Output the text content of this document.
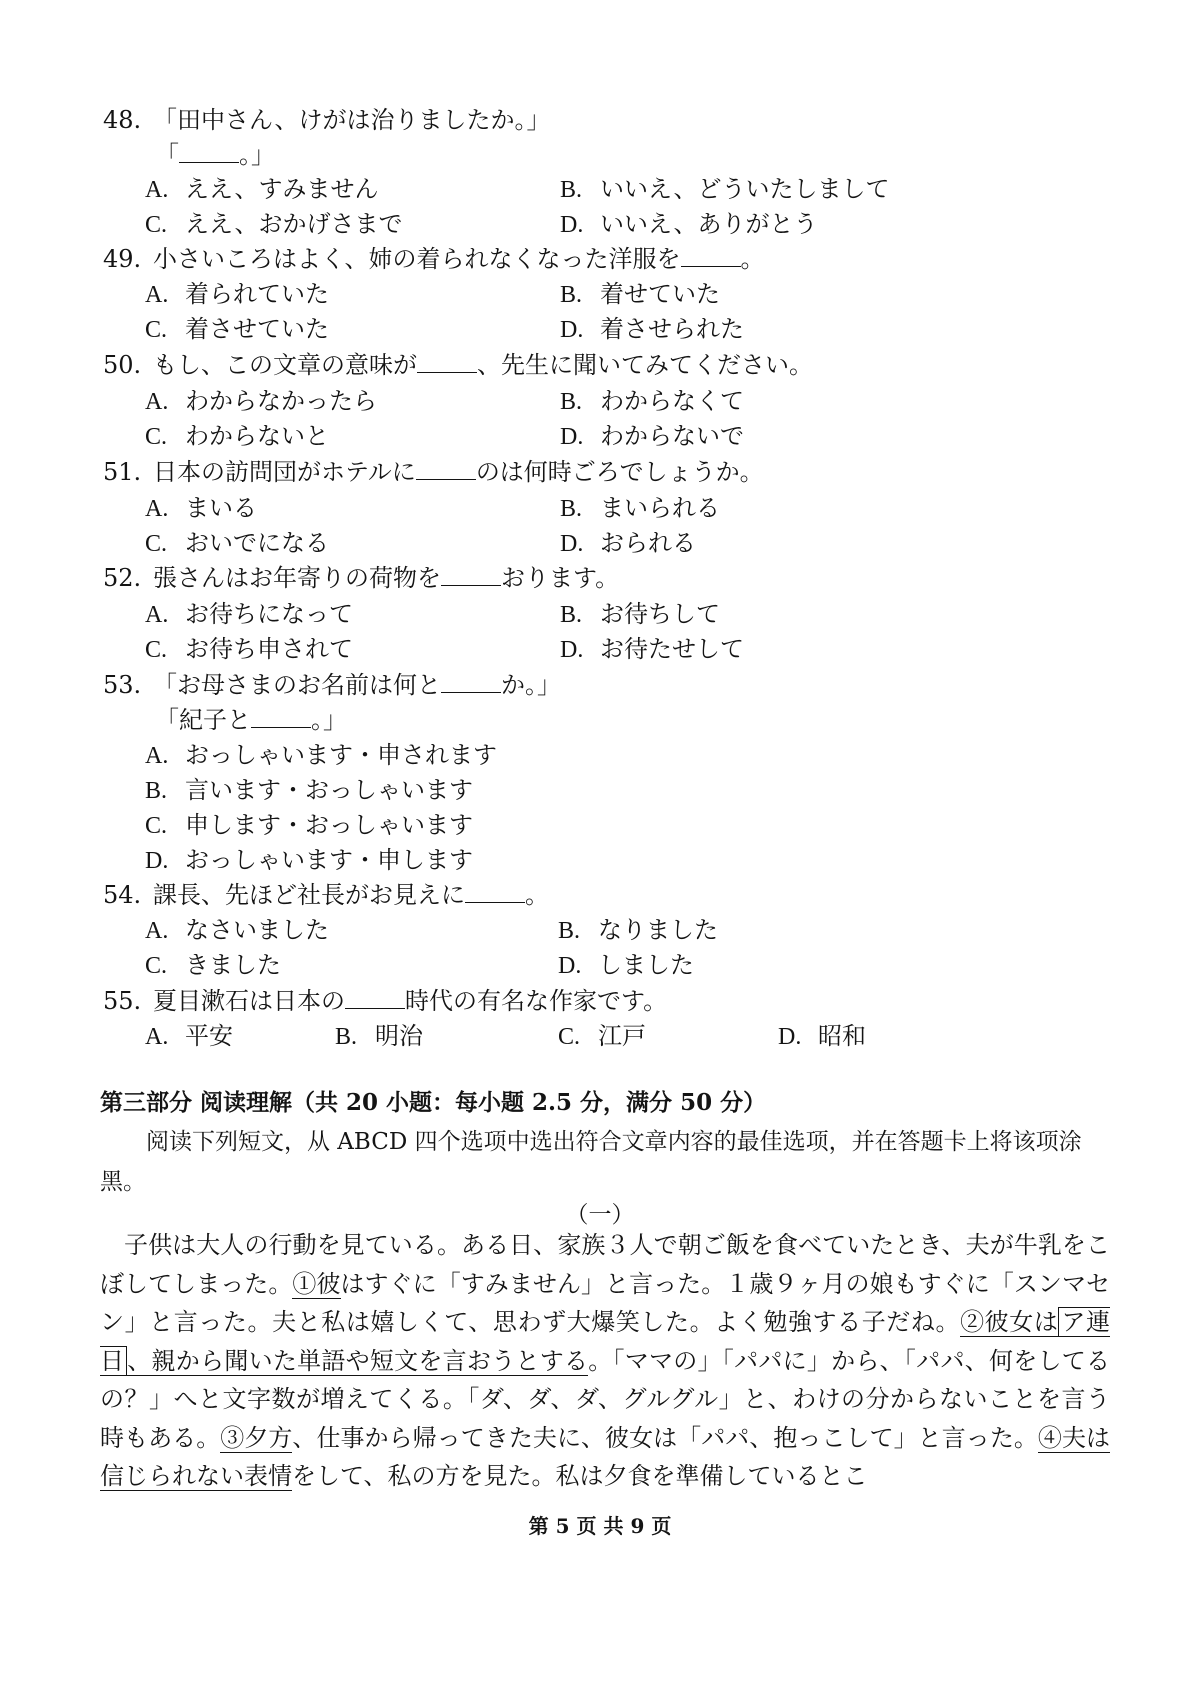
48. 「田中さん、けがは治りましたか。」
「	。」
A. ええ、すみません	B. いいえ、どういたしまして
C. ええ、おかげさまで	D. いいえ、ありがとう
49. 小さいころはよく、姉の着られなくなった洋服を	。
A. 着られていた	B. 着せていた
C. 着させていた	D. 着させられた
50. もし、この文章の意味が	、先生に聞いてみてください。
A. わからなかったら	B. わからなくて
C. わからないと	D. わからないで
51. 日本の訪問団がホテルに	のは何時ごろでしょうか。
A. まいる	B. まいられる
C. おいでになる	D. おられる
52. 張さんはお年寄りの荷物を	おります。
A. お待ちになって	B. お待ちして
C. お待ち申されて	D. お待たせして
53. 「お母さまのお名前は何と	か。」
「紀子と	。」
A. おっしゃいます・申されます
B. 言います・おっしゃいます
C. 申します・おっしゃいます
D. おっしゃいます・申します
54. 課長、先ほど社長がお見えに	。
A. なさいました	B. なりました
C. きました	D. しました
55. 夏目漱石は日本の	時代の有名な作家です。
A. 平安	B. 明治	C. 江戸	D. 昭和
第三部分 阅读理解（共 20 小题：每小题 2.5 分，满分 50 分）
阅读下列短文，从 ABCD 四个选项中选出符合文章内容的最佳选项，并在答题卡上将该项涂黑。
（一）
子供は大人の行動を見ている。ある日、家族３人で朝ご飯を食べていたとき、夫が牛乳をこぼしてしまった。①彼はすぐに「すみません」と言った。１歳９ヶ月の娘もすぐに「スンマセン」と言った。夫と私は嬉しくて、思わず大爆笑した。よく勉強する子だね。②彼女は ア連日 、親から聞いた単語や短文を言おうとする。「ママの」「パパに」から、「パパ、何をしてるの？」へと文字数が増えてくる。「ダ、ダ、ダ、グルグル」と、わけの分からないことを言う時もある。③夕方、仕事から帰ってきた夫に、彼女は「パパ、抱っこして」と言った。④夫は信じられない表情をして、私の方を見た。私は夕食を準備しているとこ
第 5 页 共 9 页
